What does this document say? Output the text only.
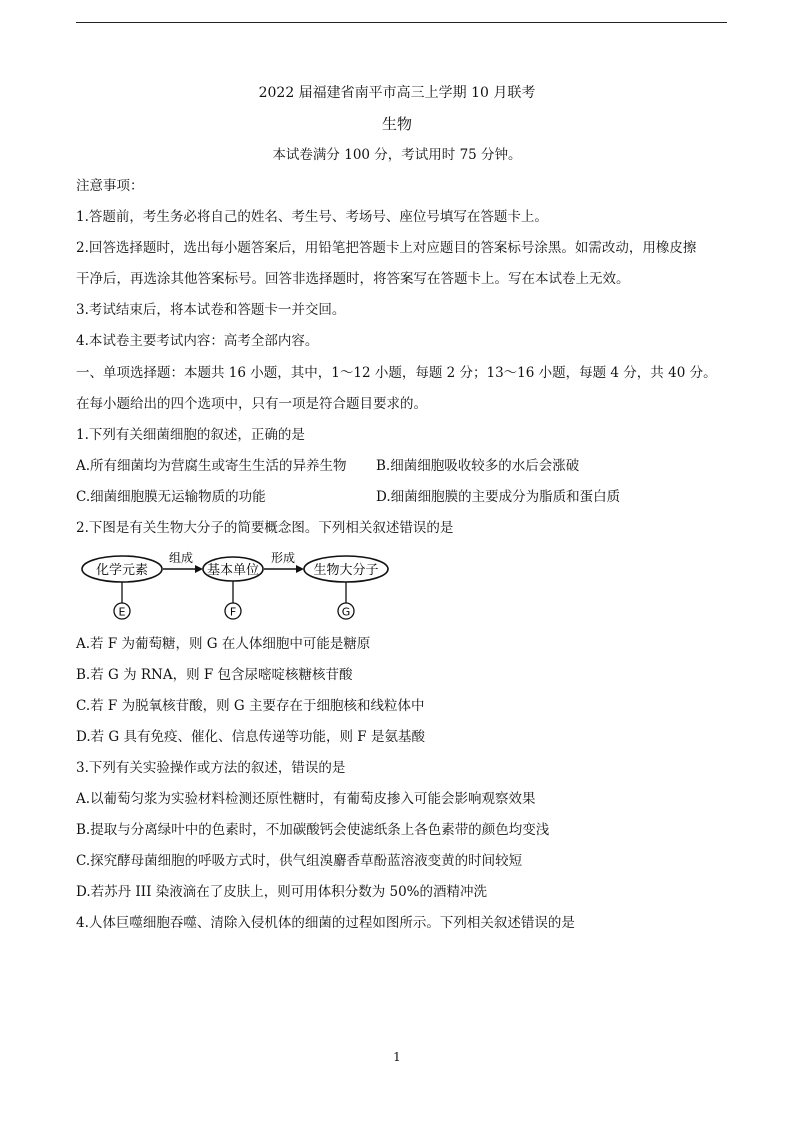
2022 届福建省南平市高三上学期 10 月联考
生物
本试卷满分 100 分，考试用时 75 分钟。
注意事项：
1.答题前，考生务必将自己的姓名、考生号、考场号、座位号填写在答题卡上。
2.回答选择题时，选出每小题答案后，用铅笔把答题卡上对应题目的答案标号涂黑。如需改动，用橡皮擦
干净后，再选涂其他答案标号。回答非选择题时，将答案写在答题卡上。写在本试卷上无效。
3.考试结束后，将本试卷和答题卡一并交回。
4.本试卷主要考试内容：高考全部内容。
一、单项选择题：本题共 16 小题，其中，1～12 小题，每题 2 分；13～16 小题，每题 4 分，共 40 分。
在每小题给出的四个选项中，只有一项是符合题目要求的。
1.下列有关细菌细胞的叙述，正确的是
A.所有细菌均为营腐生或寄生生活的异养生物 B.细菌细胞吸收较多的水后会涨破
C.细菌细胞膜无运输物质的功能	D.细菌细胞膜的主要成分为脂质和蛋白质
2.下图是有关生物大分子的简要概念图。下列相关叙述错误的是
化学元素
组成
基本单位
形成
生物大分子
E	F	G
A.若 F 为葡萄糖，则 G 在人体细胞中可能是糖原
B.若 G 为 RNA，则 F 包含尿嘧啶核糖核苷酸
C.若 F 为脱氧核苷酸，则 G 主要存在于细胞核和线粒体中
D.若 G 具有免疫、催化、信息传递等功能，则 F 是氨基酸
3.下列有关实验操作或方法的叙述，错误的是
A.以葡萄匀浆为实验材料检测还原性糖时，有葡萄皮掺入可能会影响观察效果
B.提取与分离绿叶中的色素时，不加碳酸钙会使滤纸条上各色素带的颜色均变浅
C.探究酵母菌细胞的呼吸方式时，供气组溴麝香草酚蓝溶液变黄的时间较短
D.若苏丹 III 染液滴在了皮肤上，则可用体积分数为 50%的酒精冲洗
4.人体巨噬细胞吞噬、清除入侵机体的细菌的过程如图所示。下列相关叙述错误的是
1
